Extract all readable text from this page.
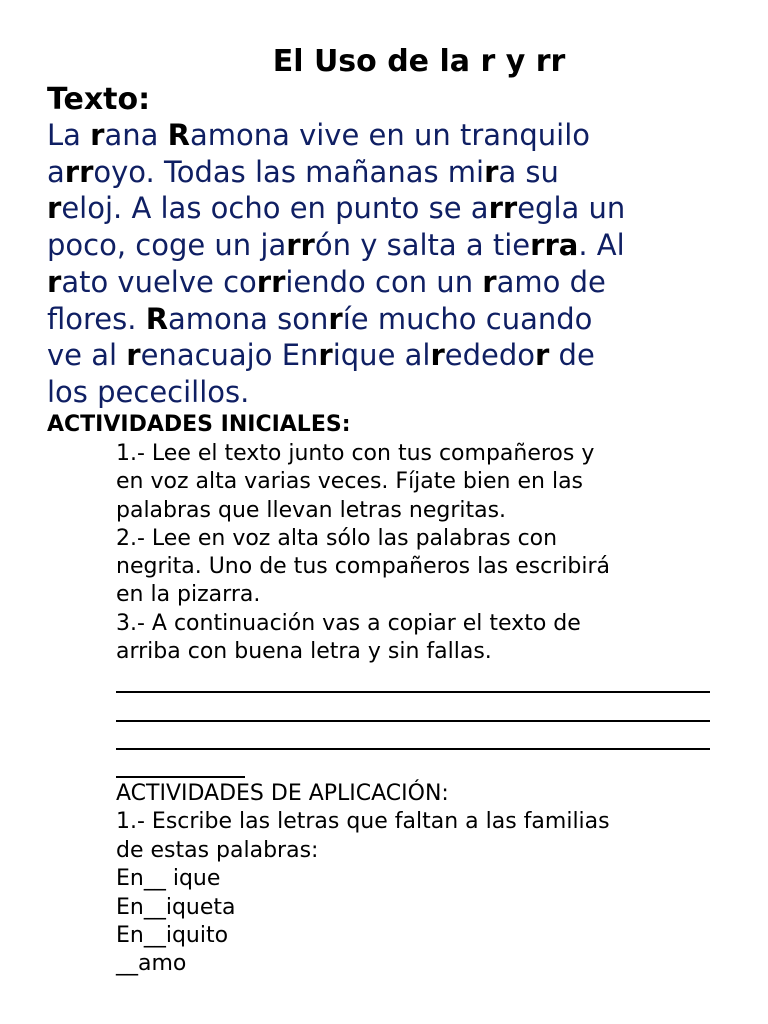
El Uso de la r y rr
Texto:
La rana Ramona vive en un tranquilo
arroyo. Todas las mañanas mira su
reloj. A las ocho en punto se arregla un
poco, coge un jarrón y salta a tierra. Al
rato vuelve corriendo con un ramo de
flores. Ramona sonríe mucho cuando
ve al renacuajo Enrique alrededor de
los pececillos.
ACTIVIDADES INICIALES:
1.- Lee el texto junto con tus compañeros y
en voz alta varias veces. Fíjate bien en las
palabras que llevan letras negritas.
2.- Lee en voz alta sólo las palabras con
negrita. Uno de tus compañeros las escribirá
en la pizarra.
3.- A continuación vas a copiar el texto de
arriba con buena letra y sin fallas.
ACTIVIDADES DE APLICACIÓN:
1.- Escribe las letras que faltan a las familias
de estas palabras:
En__ ique
En__iqueta
En__iquito
__amo
